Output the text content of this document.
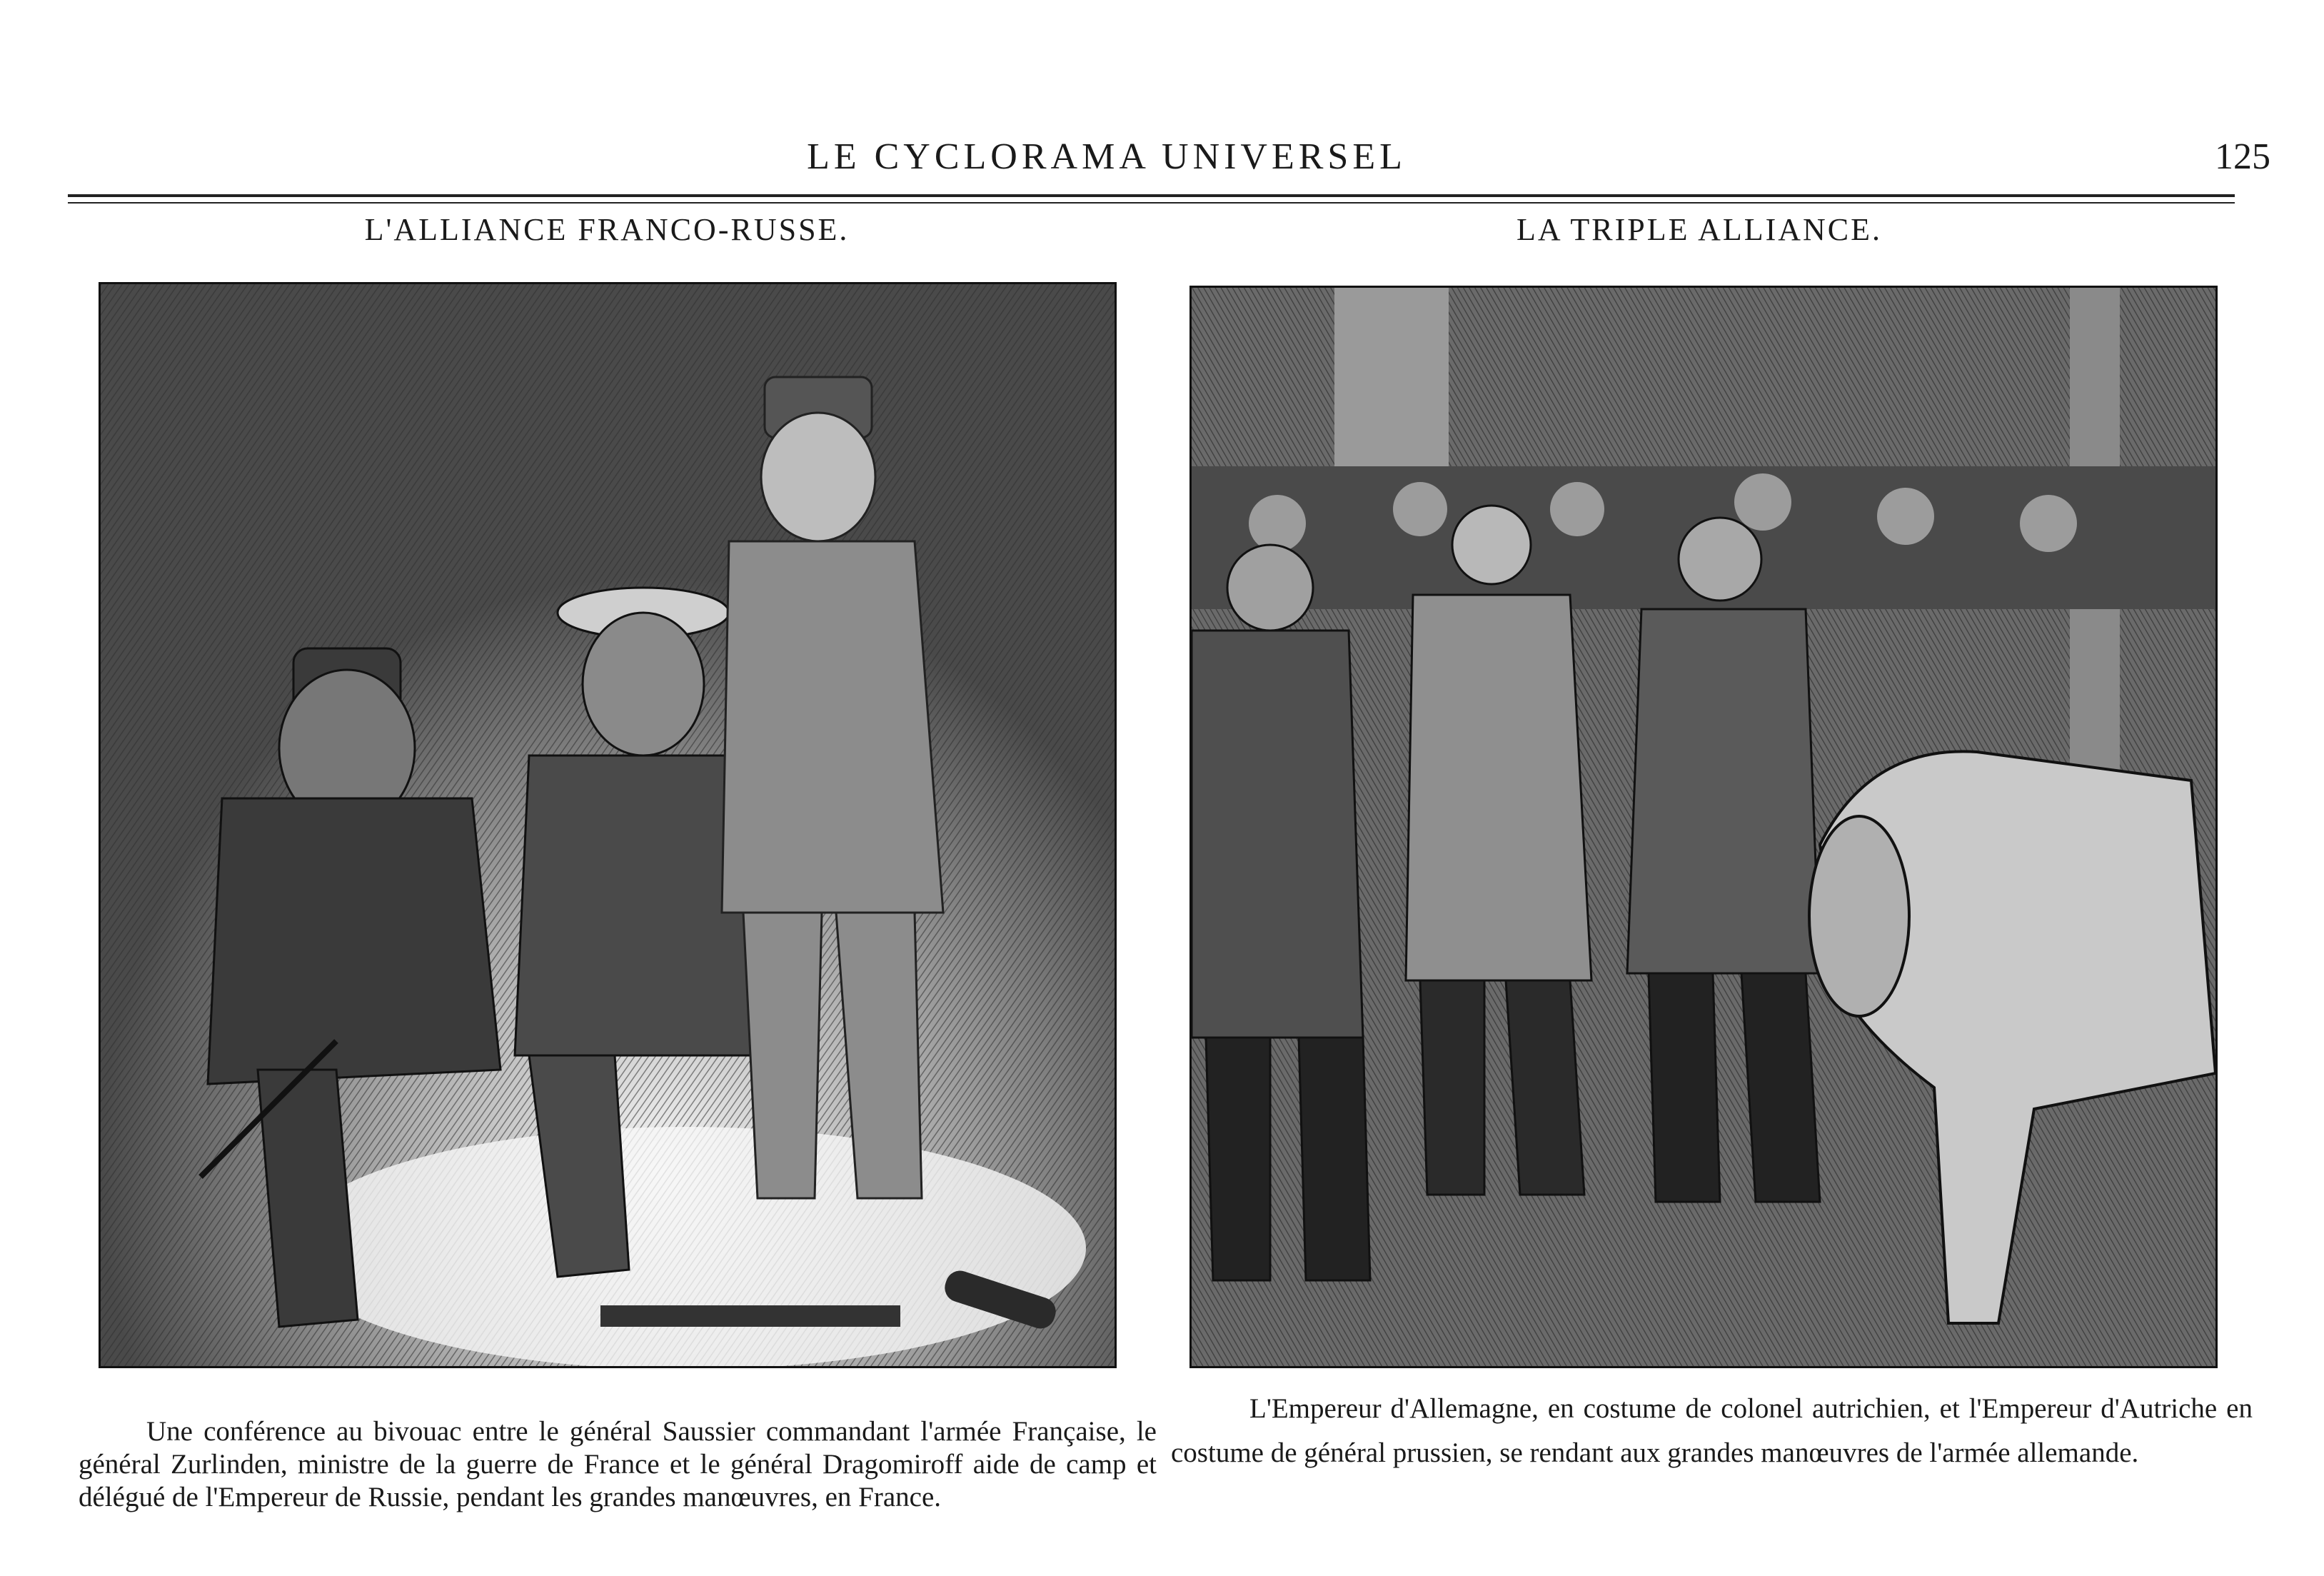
LE CYCLORAMA UNIVERSEL	125
L'ALLIANCE FRANCO-RUSSE.	LA TRIPLE ALLIANCE.
Une conférence au bivouac entre le général Saussier commandant l'armée Française, le général Zurlinden, ministre de la guerre de France et le général Dragomiroff aide de camp et délégué de l'Empereur de Russie, pendant les grandes manœuvres, en France.
L'Empereur d'Allemagne, en costume de colonel autrichien, et l'Empereur d'Autriche en costume de général prussien, se rendant aux grandes manœuvres de l'armée allemande.
